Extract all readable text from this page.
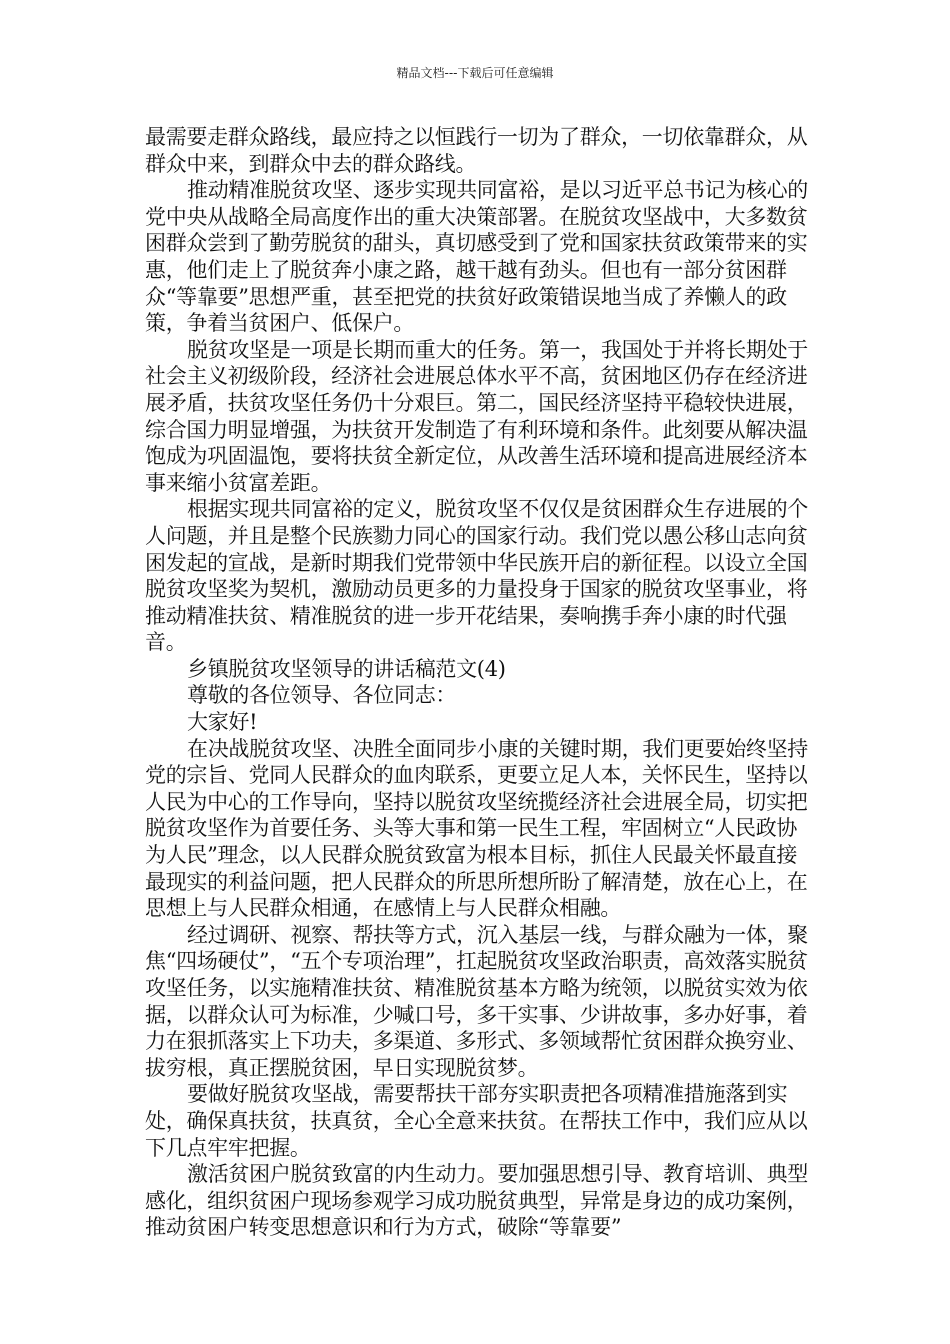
精品文档---下载后可任意编辑

最需要走群众路线，最应持之以恒践行一切为了群众，一切依靠群众，从群众中来，到群众中去的群众路线。

推动精准脱贫攻坚、逐步实现共同富裕，是以习近平总书记为核心的党中央从战略全局高度作出的重大决策部署。在脱贫攻坚战中，大多数贫困群众尝到了勤劳脱贫的甜头，真切感受到了党和国家扶贫政策带来的实惠，他们走上了脱贫奔小康之路，越干越有劲头。但也有一部分贫困群众“等靠要”思想严重，甚至把党的扶贫好政策错误地当成了养懒人的政策，争着当贫困户、低保户。

脱贫攻坚是一项是长期而重大的任务。第一，我国处于并将长期处于社会主义初级阶段，经济社会进展总体水平不高，贫困地区仍存在经济进展矛盾，扶贫攻坚任务仍十分艰巨。第二，国民经济坚持平稳较快进展，综合国力明显增强，为扶贫开发制造了有利环境和条件。此刻要从解决温饱成为巩固温饱，要将扶贫全新定位，从改善生活环境和提高进展经济本事来缩小贫富差距。

根据实现共同富裕的定义，脱贫攻坚不仅仅是贫困群众生存进展的个人问题，并且是整个民族勠力同心的国家行动。我们党以愚公移山志向贫困发起的宣战，是新时期我们党带领中华民族开启的新征程。以设立全国脱贫攻坚奖为契机，激励动员更多的力量投身于国家的脱贫攻坚事业，将推动精准扶贫、精准脱贫的进一步开花结果，奏响携手奔小康的时代强音。

乡镇脱贫攻坚领导的讲话稿范文(4)

尊敬的各位领导、各位同志：

大家好!

在决战脱贫攻坚、决胜全面同步小康的关键时期，我们更要始终坚持党的宗旨、党同人民群众的血肉联系，更要立足人本，关怀民生，坚持以人民为中心的工作导向，坚持以脱贫攻坚统揽经济社会进展全局，切实把脱贫攻坚作为首要任务、头等大事和第一民生工程，牢固树立“人民政协为人民”理念，以人民群众脱贫致富为根本目标，抓住人民最关怀最直接最现实的利益问题，把人民群众的所思所想所盼了解清楚，放在心上，在思想上与人民群众相通，在感情上与人民群众相融。

经过调研、视察、帮扶等方式，沉入基层一线，与群众融为一体，聚焦“四场硬仗”，“五个专项治理”，扛起脱贫攻坚政治职责，高效落实脱贫攻坚任务，以实施精准扶贫、精准脱贫基本方略为统领，以脱贫实效为依据，以群众认可为标准，少喊口号，多干实事、少讲故事，多办好事，着力在狠抓落实上下功夫，多渠道、多形式、多领域帮忙贫困群众换穷业、拔穷根，真正摆脱贫困，早日实现脱贫梦。

要做好脱贫攻坚战，需要帮扶干部夯实职责把各项精准措施落到实处，确保真扶贫，扶真贫，全心全意来扶贫。在帮扶工作中，我们应从以下几点牢牢把握。

激活贫困户脱贫致富的内生动力。要加强思想引导、教育培训、典型感化，组织贫困户现场参观学习成功脱贫典型，异常是身边的成功案例，推动贫困户转变思想意识和行为方式，破除“等靠要”
